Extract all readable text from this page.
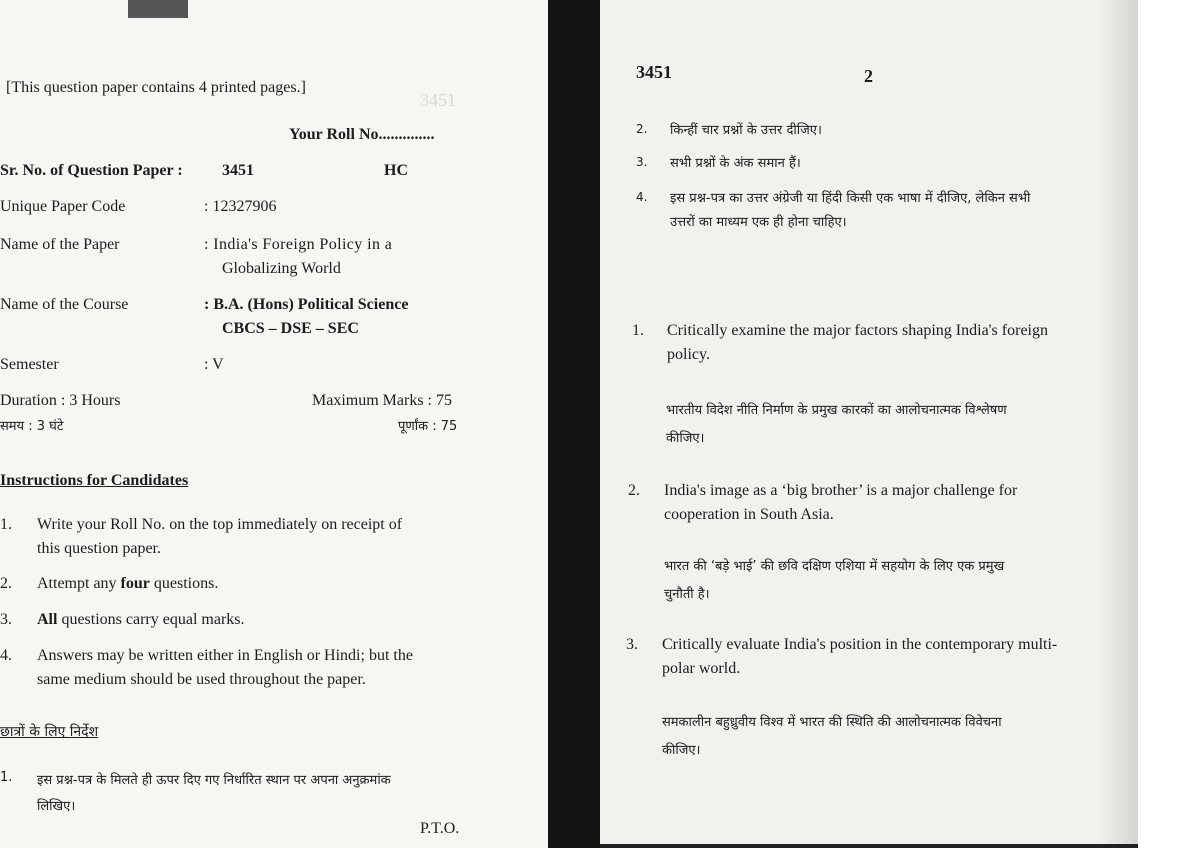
3451
[This question paper contains 4 printed pages.]
Your Roll No..............
Sr. No. of Question Paper : 3451	HC
Unique Paper Code	: 12327906
Name of the Paper	: India's Foreign Policy in a
Globalizing World
Name of the Course	: B.A. (Hons) Political Science
CBCS – DSE – SEC
Semester	: V
Duration : 3 Hours	Maximum Marks : 75
समय : 3 घंटे	पूर्णांक : 75
Instructions for Candidates
1. Write your Roll No. on the top immediately on receipt of
this question paper.
2. Attempt any four questions.
3. All questions carry equal marks.
4. Answers may be written either in English or Hindi; but the
same medium should be used throughout the paper.
छात्रों के लिए निर्देश
1. इस प्रश्न-पत्र के मिलते ही ऊपर दिए गए निर्धारित स्थान पर अपना अनुक्रमांक
लिखिए।
P.T.O.
3451	2
2. किन्हीं चार प्रश्नों के उत्तर दीजिए।
3. सभी प्रश्नों के अंक समान हैं।
4. इस प्रश्न-पत्र का उत्तर अंग्रेजी या हिंदी किसी एक भाषा में दीजिए, लेकिन सभी
उत्तरों का माध्यम एक ही होना चाहिए।
1. Critically examine the major factors shaping India's foreign
policy.
भारतीय विदेश नीति निर्माण के प्रमुख कारकों का आलोचनात्मक विश्लेषण
कीजिए।
2. India's image as a ‘big brother’ is a major challenge for
cooperation in South Asia.
भारत की ‘बड़े भाई’ की छवि दक्षिण एशिया में सहयोग के लिए एक प्रमुख
चुनौती है।
3. Critically evaluate India's position in the contemporary multi-
polar world.
समकालीन बहुध्रुवीय विश्व में भारत की स्थिति की आलोचनात्मक विवेचना
कीजिए।
